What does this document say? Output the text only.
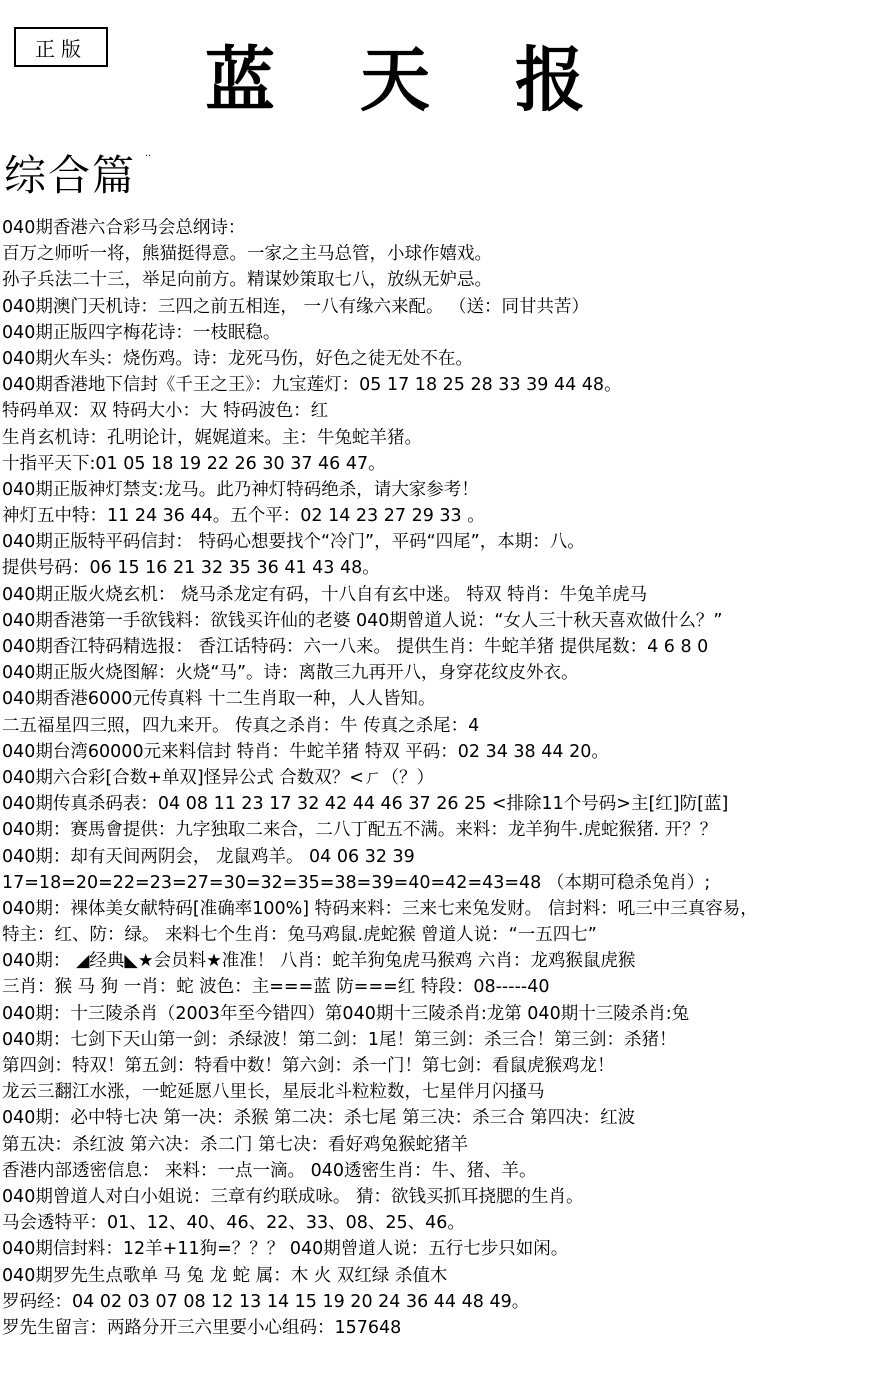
正版	蓝 天 报
综合篇 ··
040期香港六合彩马会总纲诗：
百万之师听一将，熊猫挺得意。一家之主马总管，小球作嬉戏。
孙子兵法二十三，举足向前方。精谋妙策取七八，放纵无妒忌。
040期澳门天机诗：三四之前五相连， 一八有缘六来配。 （送：同甘共苦）
040期正版四字梅花诗：一枝眠稳。
040期火车头：烧伤鸡。诗：龙死马伤，好色之徒无处不在。
040期香港地下信封《千王之王》：九宝莲灯：05 17 18 25 28 33 39 44 48。
特码单双：双 特码大小：大 特码波色：红
生肖玄机诗：孔明论计，娓娓道来。主：牛兔蛇羊猪。
十指平天下:01 05 18 19 22 26 30 37 46 47。
040期正版神灯禁支:龙马。此乃神灯特码绝杀，请大家参考！
神灯五中特：11 24 36 44。五个平：02 14 23 27 29 33 。
040期正版特平码信封： 特码心想要找个“冷门”，平码“四尾”，本期：八。
提供号码：06 15 16 21 32 35 36 41 43 48。
040期正版火烧玄机： 烧马杀龙定有码，十八自有玄中迷。 特双 特肖：牛兔羊虎马
040期香港第一手欲钱料：欲钱买许仙的老婆 040期曾道人说：“女人三十秋天喜欢做什么？”
040期香江特码精选报： 香江话特码：六一八来。 提供生肖：牛蛇羊猪 提供尾数：4 6 8 0
040期正版火烧图解：火烧“马”。诗：离散三九再开八，身穿花纹皮外衣。
040期香港6000元传真料 十二生肖取一种，人人皆知。
二五福星四三照，四九来开。 传真之杀肖：牛 传真之杀尾：4
040期台湾60000元来料信封 特肖：牛蛇羊猪 特双 平码：02 34 38 44 20。
040期六合彩[合数+单双]怪异公式 合数双？<ㄏ（？）
040期传真杀码表：04 08 11 23 17 32 42 44 46 37 26 25 <排除11个号码>主[红]防[蓝]
040期：赛馬會提供：九字独取二来合，二八丁配五不满。来料：龙羊狗牛.虎蛇猴猪. 开？？
040期：却有天间两阴会， 龙鼠鸡羊。 04 06 32 39
17=18=20=22=23=27=30=32=35=38=39=40=42=43=48 （本期可稳杀兔肖）;
040期：裸体美女献特码[准确率100%] 特码来料：三来七来兔发财。 信封料：吼三中三真容易，
特主：红、防：绿。 来料七个生肖：兔马鸡鼠.虎蛇猴 曾道人说：“一五四七”
040期： ◢经典◣★会员料★准准！ 八肖：蛇羊狗兔虎马猴鸡 六肖：龙鸡猴鼠虎猴
三肖：猴 马 狗 一肖：蛇 波色：主===蓝 防===红 特段：08-----40
040期：十三陵杀肖（2003年至今错四）第040期十三陵杀肖:龙第 040期十三陵杀肖:兔
040期：七剑下天山第一剑：杀绿波！第二剑：1尾！第三剑：杀三合！第三剑：杀猪！
第四剑：特双！第五剑：特看中数！第六剑：杀一门！第七剑：看鼠虎猴鸡龙！
龙云三翻江水涨，一蛇延愿八里长，星辰北斗粒粒数，七星伴月闪搔马
040期：必中特七决 第一决：杀猴 第二决：杀七尾 第三决：杀三合 第四决：红波
第五决：杀红波 第六决：杀二门 第七决：看好鸡兔猴蛇猪羊
香港内部透密信息： 来料：一点一滴。 040透密生肖：牛、猪、羊。
040期曾道人对白小姐说：三章有约联成咏。 猜：欲钱买抓耳挠腮的生肖。
马会透特平：01、12、40、46、22、33、08、25、46。
040期信封料：12羊+11狗=？？？ 040期曾道人说：五行七步只如闲。
040期罗先生点歌单 马 兔 龙 蛇 属：木 火 双红绿 杀值木
罗码经：04 02 03 07 08 12 13 14 15 19 20 24 36 44 48 49。
罗先生留言：两路分开三六里要小心组码：157648
